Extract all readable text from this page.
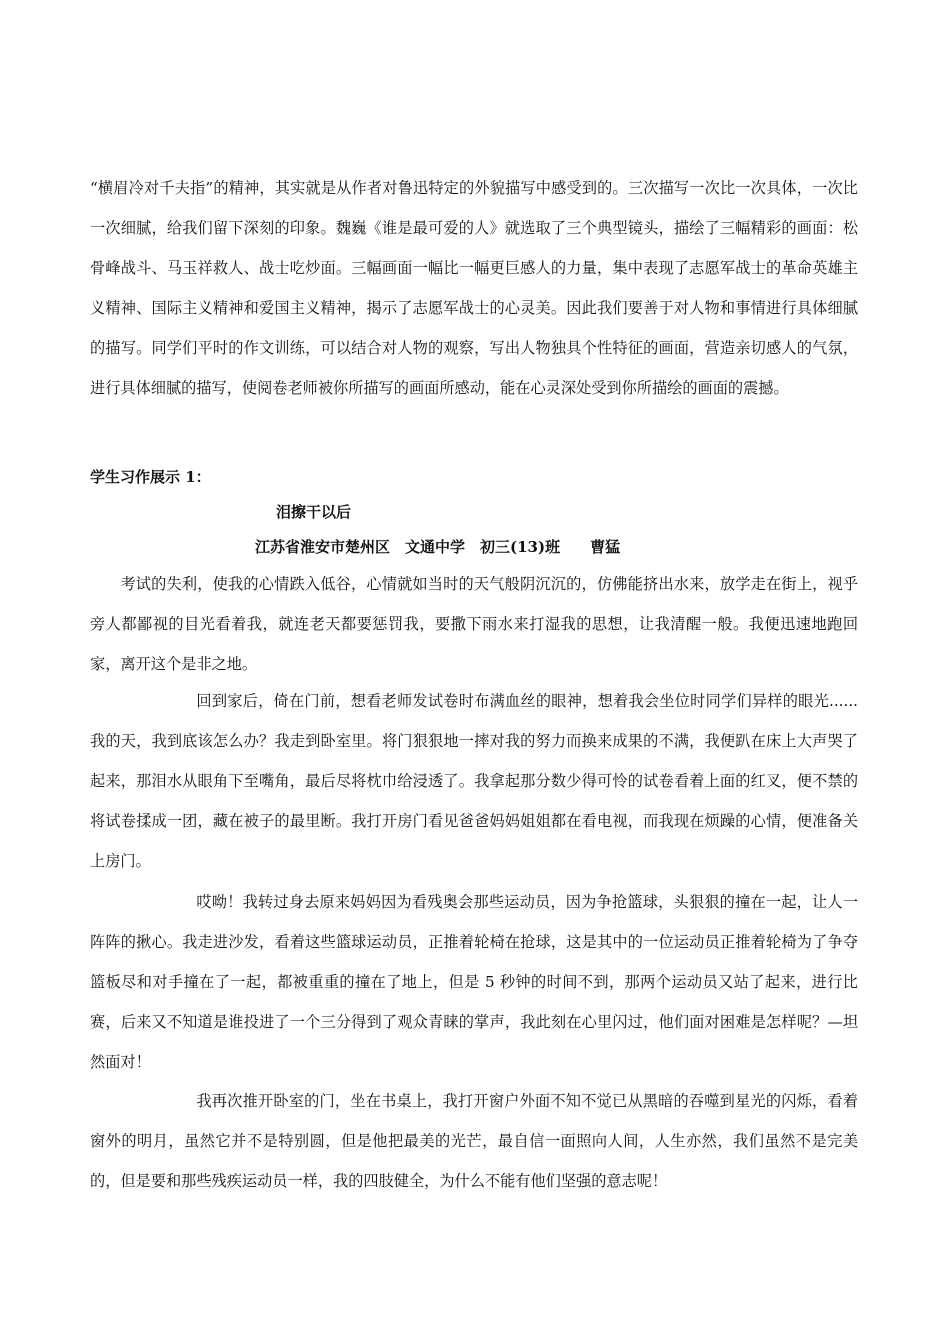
“横眉冷对千夫指”的精神，其实就是从作者对鲁迅特定的外貌描写中感受到的。三次描写一次比一次具体，一次比一次细腻，给我们留下深刻的印象。魏巍《谁是最可爱的人》就选取了三个典型镜头，描绘了三幅精彩的画面：松骨峰战斗、马玉祥救人、战士吃炒面。三幅画面一幅比一幅更巨感人的力量，集中表现了志愿军战士的革命英雄主义精神、国际主义精神和爱国主义精神，揭示了志愿军战士的心灵美。因此我们要善于对人物和事情进行具体细腻的描写。同学们平时的作文训练，可以结合对人物的观察，写出人物独具个性特征的画面，营造亲切感人的气氛，进行具体细腻的描写，使阅卷老师被你所描写的画面所感动，能在心灵深处受到你所描绘的画面的震撼。

学生习作展示 1：

泪擦干以后

江苏省淮安市楚州区　文通中学　初三(13)班　　曹猛

考试的失利，使我的心情跌入低谷，心情就如当时的天气般阴沉沉的，仿佛能挤出水来，放学走在街上，视乎旁人都鄙视的目光看着我，就连老天都要惩罚我，要撒下雨水来打湿我的思想，让我清醒一般。我便迅速地跑回家，离开这个是非之地。

回到家后，倚在门前，想看老师发试卷时布满血丝的眼神，想着我会坐位时同学们异样的眼光......我的天，我到底该怎么办？我走到卧室里。将门狠狠地一摔对我的努力而换来成果的不满，我便趴在床上大声哭了起来，那泪水从眼角下至嘴角，最后尽将枕巾给浸透了。我拿起那分数少得可怜的试卷看着上面的红叉，便不禁的将试卷揉成一团，藏在被子的最里断。我打开房门看见爸爸妈妈姐姐都在看电视，而我现在烦躁的心情，便准备关上房门。

哎呦！我转过身去原来妈妈因为看残奥会那些运动员，因为争抢篮球，头狠狠的撞在一起，让人一阵阵的揪心。我走进沙发，看着这些篮球运动员，正推着轮椅在抢球，这是其中的一位运动员正推着轮椅为了争夺篮板尽和对手撞在了一起，都被重重的撞在了地上，但是 5 秒钟的时间不到，那两个运动员又站了起来，进行比赛，后来又不知道是谁投进了一个三分得到了观众青睐的掌声，我此刻在心里闪过，他们面对困难是怎样呢？—坦然面对！

我再次推开卧室的门，坐在书桌上，我打开窗户外面不知不觉已从黑暗的吞噬到星光的闪烁，看着窗外的明月，虽然它并不是特别圆，但是他把最美的光芒，最自信一面照向人间，人生亦然，我们虽然不是完美的，但是要和那些残疾运动员一样，我的四肢健全，为什么不能有他们坚强的意志呢！
